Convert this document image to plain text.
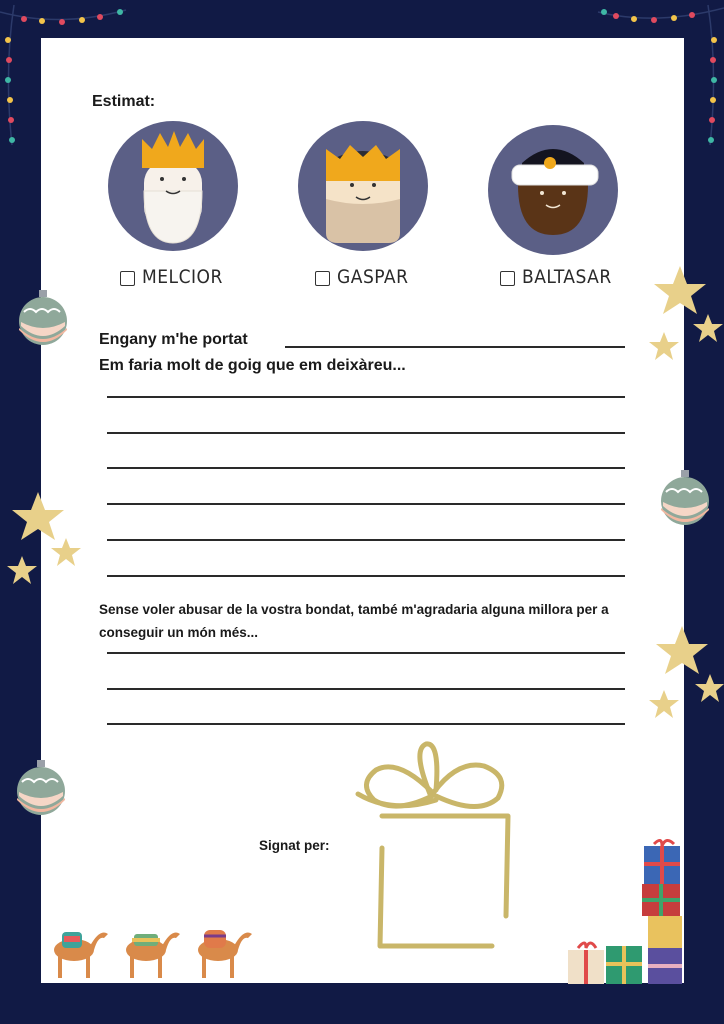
Estimat:
MELCIOR	GASPAR	BALTASAR
Engany m'he portat
Em faria molt de goig que em deixàreu...
Sense voler abusar de la vostra bondat, també m'agradaria alguna millora per a conseguir un món més...
Signat per:
